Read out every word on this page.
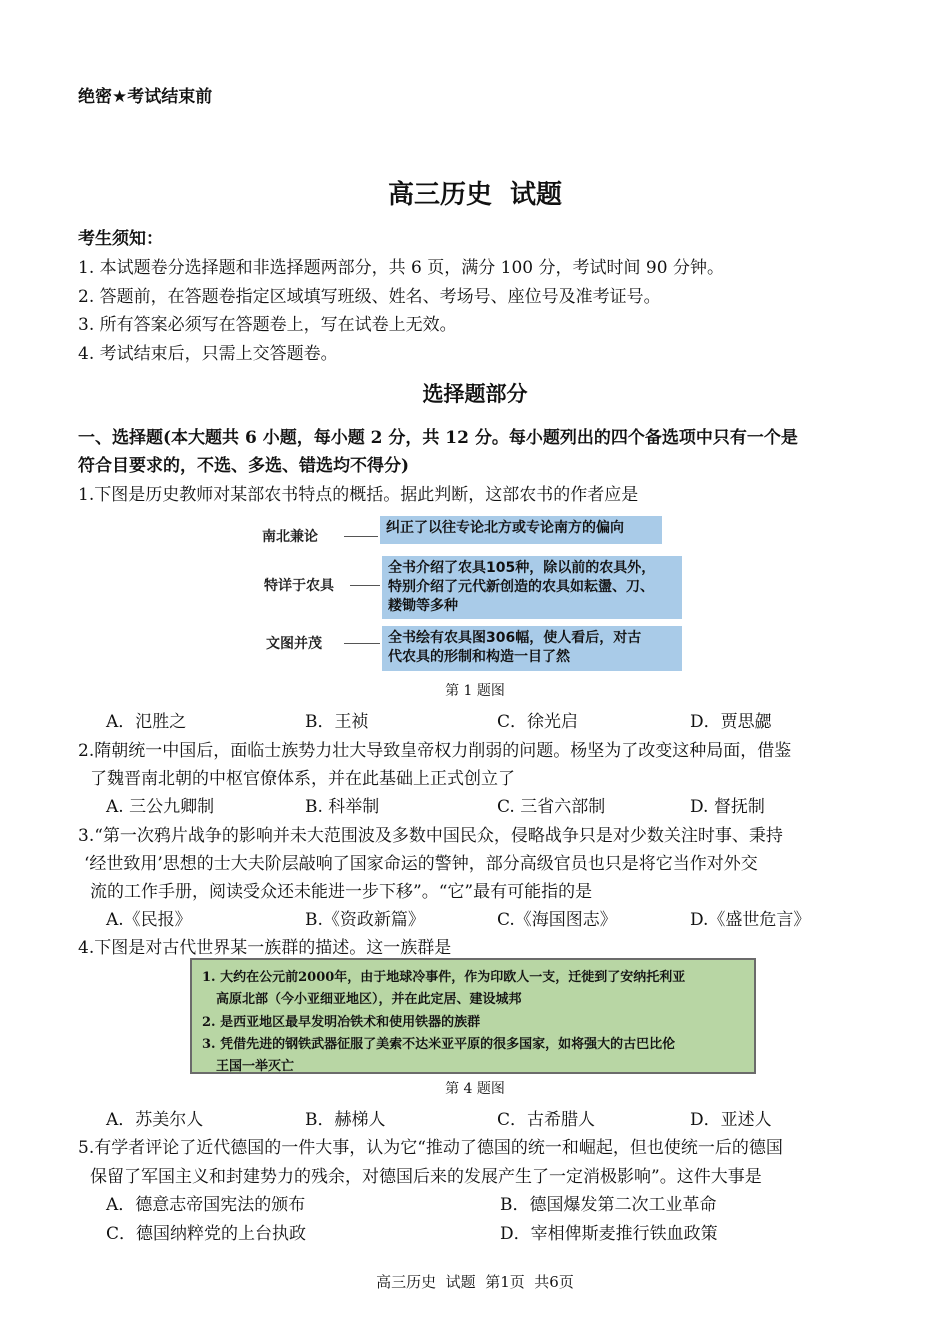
绝密★考试结束前
高三历史  试题
考生须知：
1. 本试题卷分选择题和非选择题两部分，共 6 页，满分 100 分，考试时间 90 分钟。
2. 答题前，在答题卷指定区域填写班级、姓名、考场号、座位号及准考证号。
3. 所有答案必须写在答题卷上，写在试卷上无效。
4. 考试结束后，只需上交答题卷。
选择题部分
一、选择题(本大题共 6 小题，每小题 2 分，共 12 分。每小题列出的四个备选项中只有一个是
符合目要求的，不选、多选、错选均不得分)
1.下图是历史教师对某部农书特点的概括。据此判断，这部农书的作者应是
南北兼论
纠正了以往专论北方或专论南方的偏向
特详于农具
全书介绍了农具105种，除以前的农具外，
特别介绍了元代新创造的农具如耘盪、刀、
耧锄等多种
文图并茂	全书绘有农具图306幅，使人看后，对古
代农具的形制和构造一目了然
第 1 题图
A．氾胜之	B．王祯	C．徐光启	D．贾思勰
2.隋朝统一中国后，面临士族势力壮大导致皇帝权力削弱的问题。杨坚为了改变这种局面，借鉴
了魏晋南北朝的中枢官僚体系，并在此基础上正式创立了
A. 三公九卿制	B. 科举制	C. 三省六部制	D. 督抚制
3.“第一次鸦片战争的影响并未大范围波及多数中国民众，侵略战争只是对少数关注时事、秉持
‘经世致用’思想的士大夫阶层敲响了国家命运的警钟，部分高级官员也只是将它当作对外交
流的工作手册，阅读受众还未能进一步下移”。“它”最有可能指的是
A.《民报》	B.《资政新篇》	C.《海国图志》	D.《盛世危言》
4.下图是对古代世界某一族群的描述。这一族群是
1. 大约在公元前2000年，由于地球冷事件，作为印欧人一支，迁徙到了安纳托利亚
高原北部（今小亚细亚地区），并在此定居、建设城邦
2. 是西亚地区最早发明冶铁术和使用铁器的族群
3. 凭借先进的钢铁武器征服了美索不达米亚平原的很多国家，如将强大的古巴比伦
王国一举灭亡
第 4 题图
A．苏美尔人	B．赫梯人	C．古希腊人	D．亚述人
5.有学者评论了近代德国的一件大事，认为它“推动了德国的统一和崛起，但也使统一后的德国
保留了军国主义和封建势力的残余，对德国后来的发展产生了一定消极影响”。这件大事是
A．德意志帝国宪法的颁布	B．德国爆发第二次工业革命
C．德国纳粹党的上台执政	D．宰相俾斯麦推行铁血政策
高三历史  试题  第1页  共6页
